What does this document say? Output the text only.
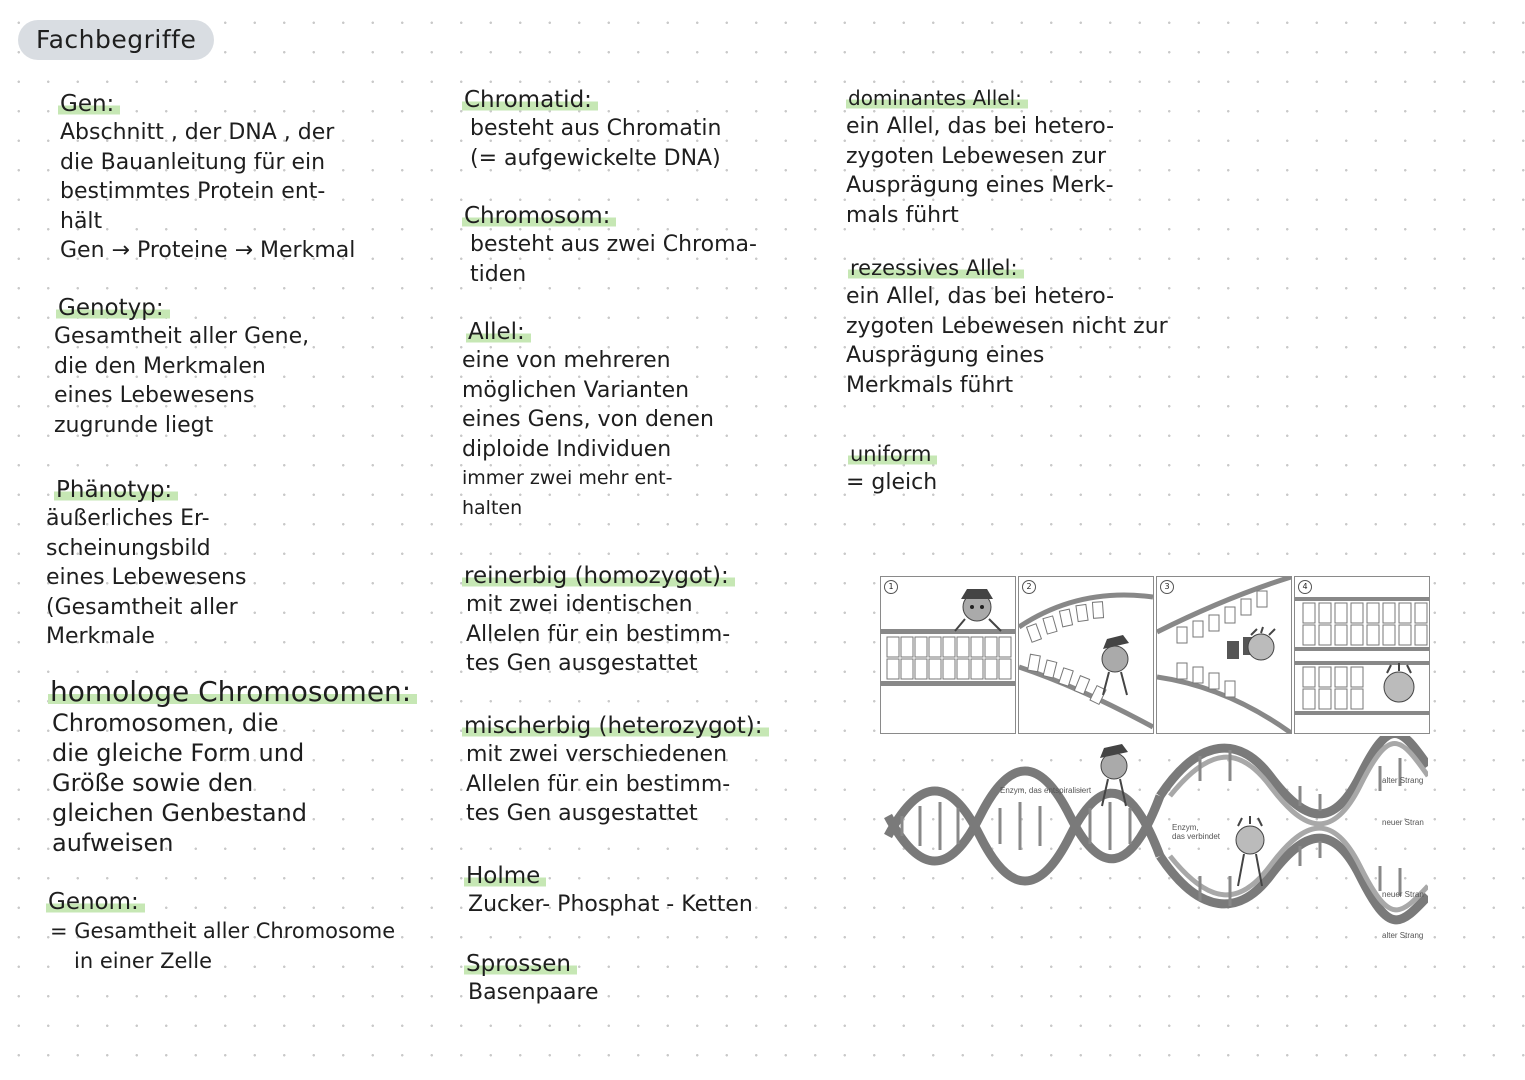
Fachbegriffe
Gen:
Abschnitt , der DNA , der
die Bauanleitung für ein
bestimmtes Protein ent-
hält
Gen → Proteine → Merkmal
Genotyp:
Gesamtheit aller Gene,
die den Merkmalen
eines Lebewesens
zugrunde liegt
Phänotyp:
äußerliches Er-
scheinungsbild
eines Lebewesens
(Gesamtheit aller
Merkmale
homologe Chromosomen:
Chromosomen, die
die gleiche Form und
Größe sowie den
gleichen Genbestand
aufweisen
Genom:
= Gesamtheit aller Chromosome
in einer Zelle
Chromatid:
besteht aus Chromatin
(= aufgewickelte DNA)
Chromosom:
besteht aus zwei Chroma-
tiden
Allel:
eine von mehreren
möglichen Varianten
eines Gens, von denen
diploide Individuen
immer zwei mehr ent-
halten
reinerbig (homozygot):
mit zwei identischen
Allelen für ein bestimm-
tes Gen ausgestattet
mischerbig (heterozygot):
mit zwei verschiedenen
Allelen für ein bestimm-
tes Gen ausgestattet
Holme
Zucker- Phosphat - Ketten
Sprossen
Basenpaare
dominantes Allel:
ein Allel, das bei hetero-
zygoten Lebewesen zur
Ausprägung eines Merk-
mals führt
rezessives Allel:
ein Allel, das bei hetero-
zygoten Lebewesen nicht zur
Ausprägung eines
Merkmals führt
uniform
= gleich
1	2	3	4
Enzym, das entspiralisiert
Enzym,
das verbindet
alter Strang
neuer Stran
neuer Stran
alter Strang
